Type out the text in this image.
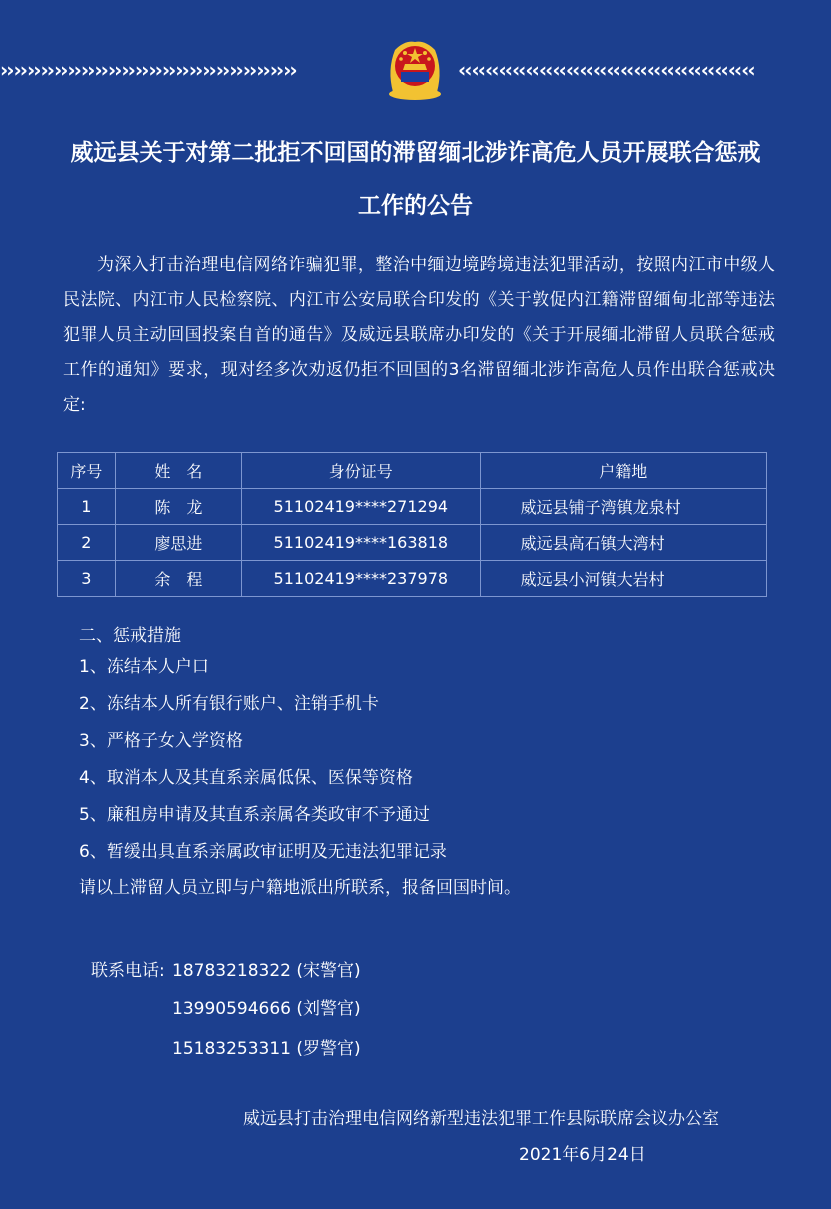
›› ›› ›› ›› ›› ›› ›› ›› ›› ›› ›› ›› ›› ›› ›› ›› ›› ›› ›› ›› ›› ››	‹‹ ‹‹ ‹‹ ‹‹ ‹‹ ‹‹ ‹‹ ‹‹ ‹‹ ‹‹ ‹‹ ‹‹ ‹‹ ‹‹ ‹‹ ‹‹ ‹‹ ‹‹ ‹‹ ‹‹ ‹‹ ‹‹
威远县关于对第二批拒不回国的滞留缅北涉诈高危人员开展联合惩戒
工作的公告

为深入打击治理电信网络诈骗犯罪，整治中缅边境跨境违法犯罪活动，按照内江市中级人民法院、内江市人民检察院、内江市公安局联合印发的《关于敦促内江籍滞留缅甸北部等违法犯罪人员主动回国投案自首的通告》及威远县联席办印发的《关于开展缅北滞留人员联合惩戒工作的通知》要求，现对经多次劝返仍拒不回国的3名滞留缅北涉诈高危人员作出联合惩戒决定:

序号	姓　名	身份证号	户籍地
1	陈　龙	51102419****271294	威远县铺子湾镇龙泉村
2	廖思进	51102419****163818	威远县高石镇大湾村
3	余　程	51102419****237978	威远县小河镇大岩村

二、惩戒措施

1、冻结本人户口
2、冻结本人所有银行账户、注销手机卡
3、严格子女入学资格
4、取消本人及其直系亲属低保、医保等资格
5、廉租房申请及其直系亲属各类政审不予通过
6、暂缓出具直系亲属政审证明及无违法犯罪记录

请以上滞留人员立即与户籍地派出所联系，报备回国时间。

联系电话: 18783218322 (宋警官)
13990594666 (刘警官)
15183253311 (罗警官)
威远县打击治理电信网络新型违法犯罪工作县际联席会议办公室
2021年6月24日
